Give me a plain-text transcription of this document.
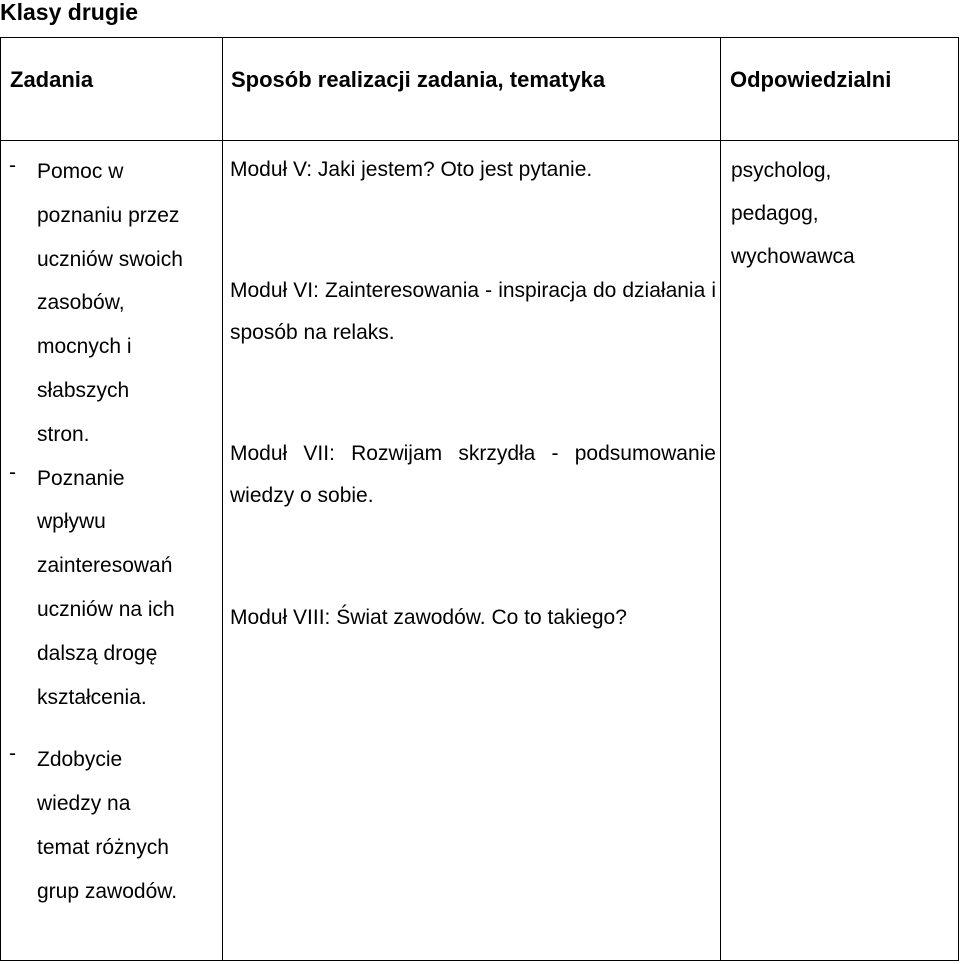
Klasy drugie
Zadania	Sposób realizacji zadania, tematyka	Odpowiedzialni
- Pomoc w
poznaniu przez
uczniów swoich
zasobów,
mocnych i
słabszych
stron.
- Poznanie
wpływu
zainteresowań
uczniów na ich
dalszą drogę
kształcenia.
- Zdobycie
wiedzy na
temat różnych
grup zawodów.
Moduł V: Jaki jestem? Oto jest pytanie.
Moduł VI: Zainteresowania - inspiracja do działania i sposób na relaks.
Moduł VII: Rozwijam skrzydła - podsumowanie wiedzy o sobie.
Moduł VIII: Świat zawodów. Co to takiego?
psycholog,
pedagog,
wychowawca
